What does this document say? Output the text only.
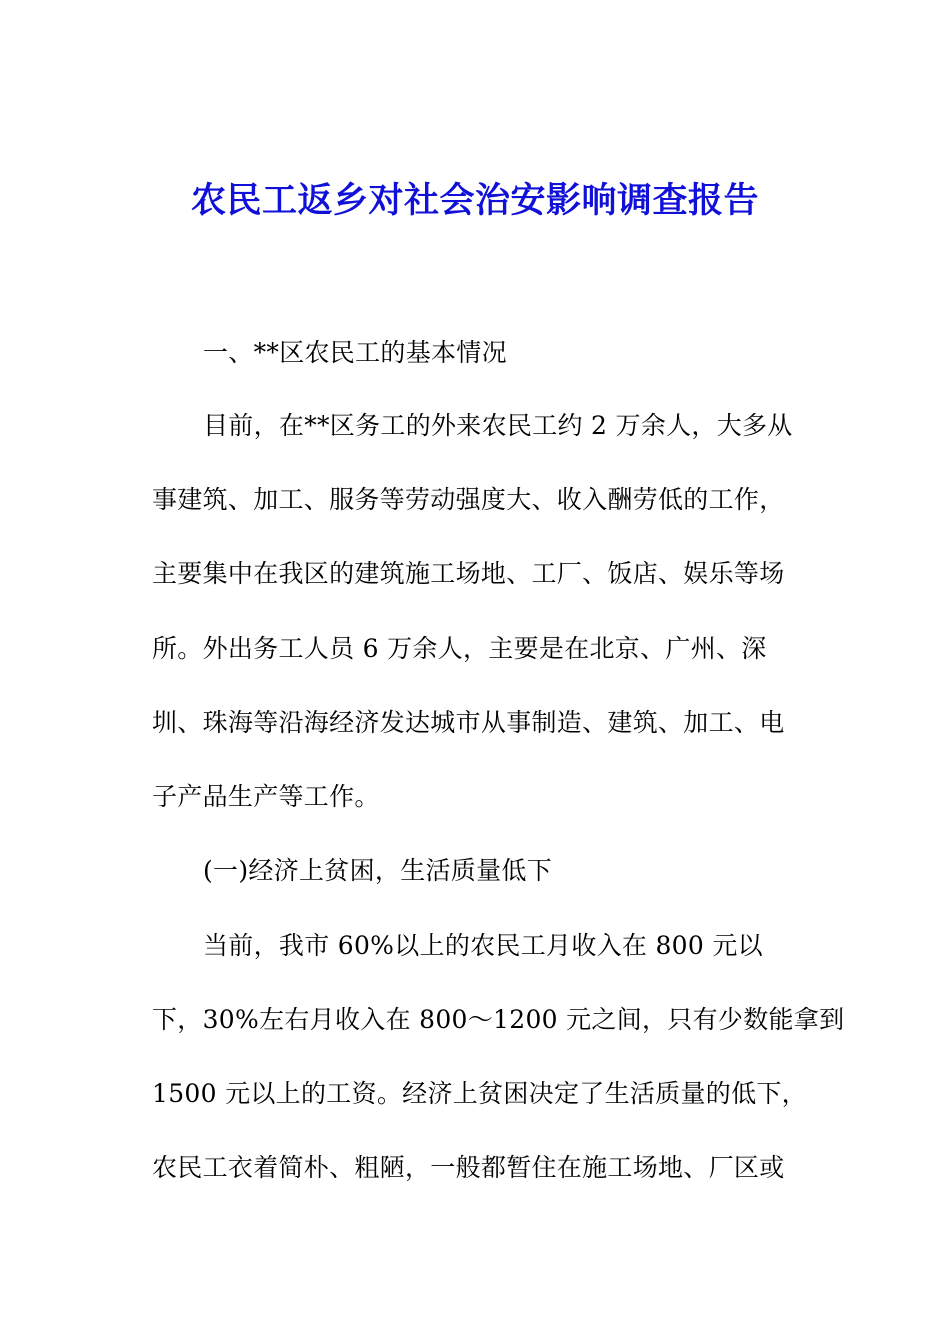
农民工返乡对社会治安影响调查报告
一、**区农民工的基本情况
目前，在**区务工的外来农民工约 2 万余人，大多从
事建筑、加工、服务等劳动强度大、收入酬劳低的工作，
主要集中在我区的建筑施工场地、工厂、饭店、娱乐等场
所。外出务工人员 6 万余人，主要是在北京、广州、深
圳、珠海等沿海经济发达城市从事制造、建筑、加工、电
子产品生产等工作。
(一)经济上贫困，生活质量低下
当前，我市 60%以上的农民工月收入在 800 元以
下，30%左右月收入在 800～1200 元之间，只有少数能拿到
1500 元以上的工资。经济上贫困决定了生活质量的低下，
农民工衣着简朴、粗陋，一般都暂住在施工场地、厂区或
